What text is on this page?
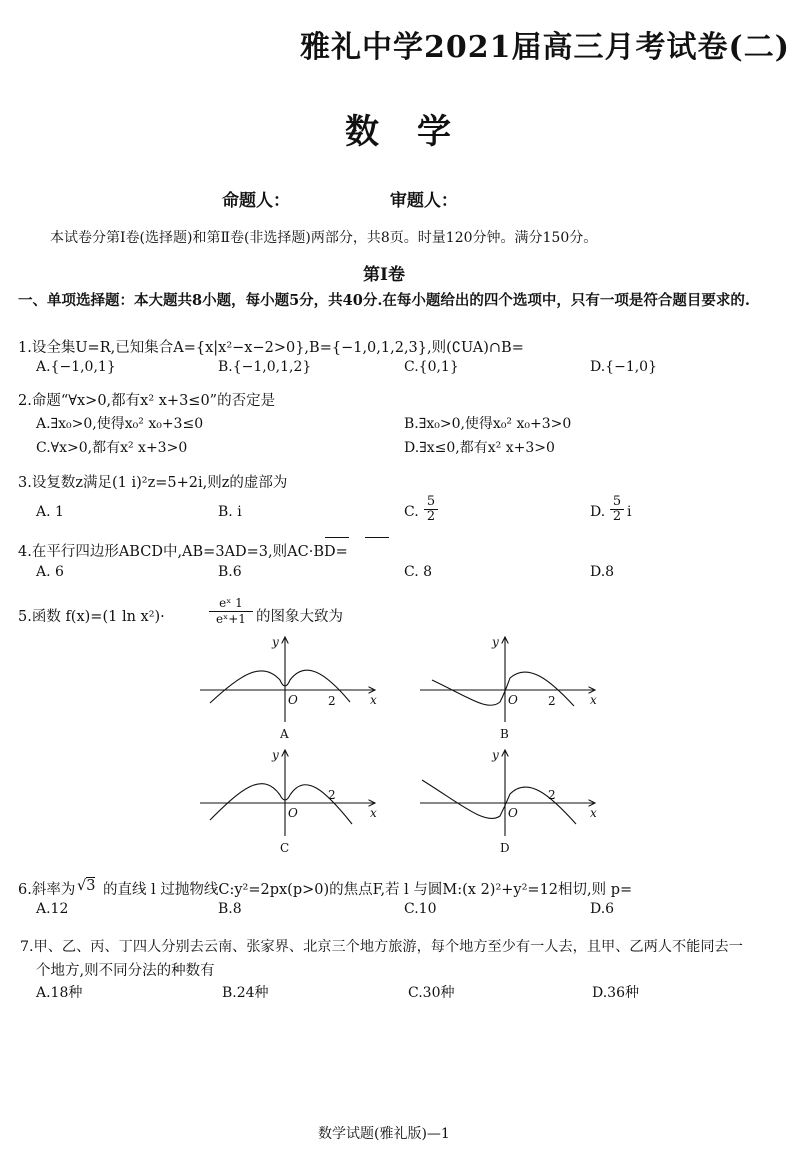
雅礼中学2021届高三月考试卷(二)
数学
命题人：	审题人：
本试卷分第Ⅰ卷(选择题)和第Ⅱ卷(非选择题)两部分，共8页。时量120分钟。满分150分。
第Ⅰ卷
一、单项选择题：本大题共8小题，每小题5分，共40分.在每小题给出的四个选项中，只有一项是符合题目要求的.
1.设全集U=R,已知集合A={x|x²−x−2>0},B={−1,0,1,2,3},则(∁UA)∩B=
A.{−1,0,1}	B.{−1,0,1,2}	C.{0,1}	D.{−1,0}
2.命题“∀x>0,都有x² x+3≤0”的否定是
A.∃x₀>0,使得x₀² x₀+3≤0	B.∃x₀>0,使得x₀² x₀+3>0
C.∀x>0,都有x² x+3>0	D.∃x≤0,都有x² x+3>0
3.设复数z满足(1 i)²z=5+2i,则z的虚部为
A. 1	B. i	C.
5
2	D.
5
2 i
4.在平行四边形ABCD中,AB=3AD=3,则AC·BD=
A. 6	B.6	C. 8	D.8
5.函数 f(x)=(1 ln x²)·
eˣ 1
eˣ+1 的图象大致为
y
x
O	2
y
x
O	2
y
x
O
2
y
x
O
2
A	B
C	D
6.斜率为 √3 的直线 l 过抛物线C:y²=2px(p>0)的焦点F,若 l 与圆M:(x 2)²+y²=12相切,则 p=
A.12	B.8	C.10	D.6
7.甲、乙、丙、丁四人分别去云南、张家界、北京三个地方旅游，每个地方至少有一人去，且甲、乙两人不能同去一
个地方,则不同分法的种数有
A.18种	B.24种	C.30种	D.36种
数学试题(雅礼版)—1
